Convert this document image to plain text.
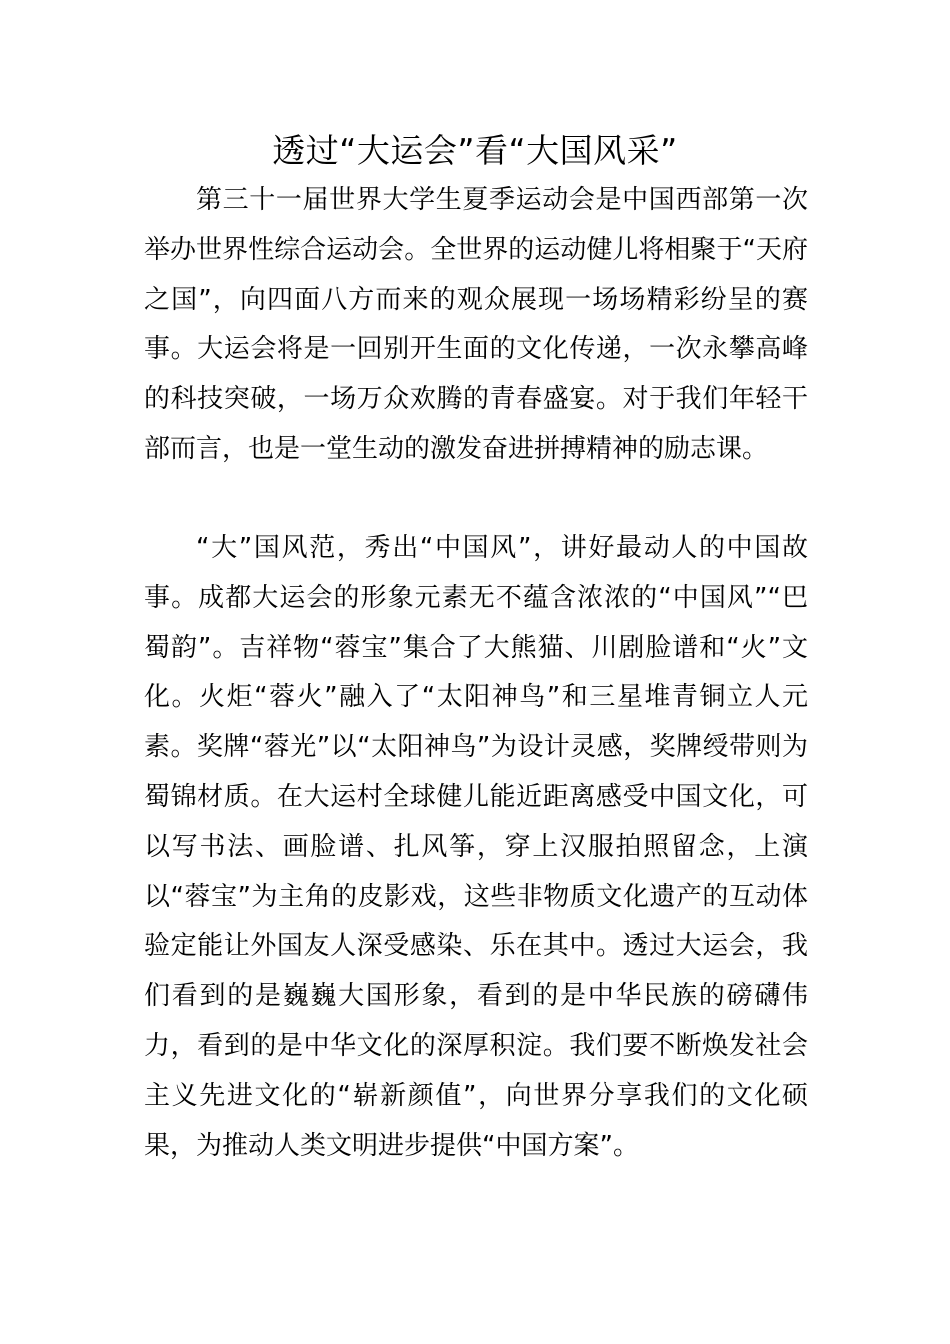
透过“大运会”看“大国风采”

第三十一届世界大学生夏季运动会是中国西部第一次举办世界性综合运动会。全世界的运动健儿将相聚于“天府之国”，向四面八方而来的观众展现一场场精彩纷呈的赛事。大运会将是一回别开生面的文化传递，一次永攀高峰的科技突破，一场万众欢腾的青春盛宴。对于我们年轻干部而言，也是一堂生动的激发奋进拼搏精神的励志课。

“大”国风范，秀出“中国风”，讲好最动人的中国故事。成都大运会的形象元素无不蕴含浓浓的“中国风”“巴蜀韵”。吉祥物“蓉宝”集合了大熊猫、川剧脸谱和“火”文化。火炬“蓉火”融入了“太阳神鸟”和三星堆青铜立人元素。奖牌“蓉光”以“太阳神鸟”为设计灵感，奖牌绶带则为蜀锦材质。在大运村全球健儿能近距离感受中国文化，可以写书法、画脸谱、扎风筝，穿上汉服拍照留念，上演以“蓉宝”为主角的皮影戏，这些非物质文化遗产的互动体验定能让外国友人深受感染、乐在其中。透过大运会，我们看到的是巍巍大国形象，看到的是中华民族的磅礴伟力，看到的是中华文化的深厚积淀。我们要不断焕发社会主义先进文化的“崭新颜值”，向世界分享我们的文化硕果，为推动人类文明进步提供“中国方案”。
